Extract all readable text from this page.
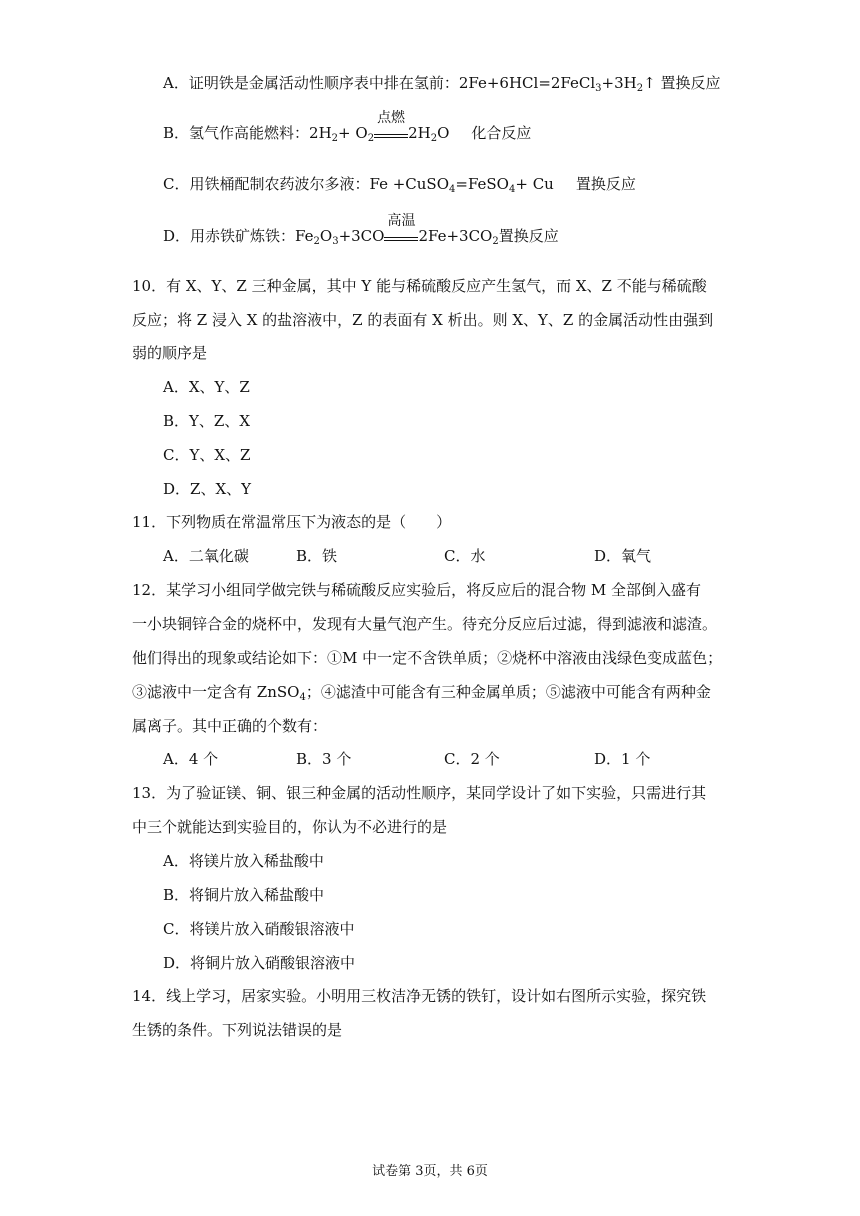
A．证明铁是金属活动性顺序表中排在氢前：$2Fe+6HCl=2FeCl_3+3H_2↑$ 置换反应
B．氢气作高能燃料：$2H_2+ O_2$
点燃
$2H_2O$ 化合反应
C．用铁桶配制农药波尔多液：Fe +CuSO$_4$=FeSO$_4$+ Cu 置换反应
D．用赤铁矿炼铁：$Fe_2O_3+3CO$
高温
$2Fe+3CO_2$置换反应
10．有 X、Y、Z 三种金属，其中 Y 能与稀硫酸反应产生氢气，而 X、Z 不能与稀硫酸
反应；将 Z 浸入 X 的盐溶液中，Z 的表面有 X 析出。则 X、Y、Z 的金属活动性由强到
弱的顺序是
A．X、Y、Z
B．Y、Z、X
C．Y、X、Z
D．Z、X、Y
11．下列物质在常温常压下为液态的是（　　）
A．二氧化碳	B．铁	C．水	D．氧气
12．某学习小组同学做完铁与稀硫酸反应实验后，将反应后的混合物 M 全部倒入盛有
一小块铜锌合金的烧杯中，发现有大量气泡产生。待充分反应后过滤，得到滤液和滤渣。
他们得出的现象或结论如下：①M 中一定不含铁单质；②烧杯中溶液由浅绿色变成蓝色；
③滤液中一定含有 ZnSO$_4$；④滤渣中可能含有三种金属单质；⑤滤液中可能含有两种金
属离子。其中正确的个数有：
A．4 个	B．3 个	C．2 个	D．1 个
13．为了验证镁、铜、银三种金属的活动性顺序，某同学设计了如下实验，只需进行其
中三个就能达到实验目的，你认为不必进行的是
A．将镁片放入稀盐酸中
B．将铜片放入稀盐酸中
C．将镁片放入硝酸银溶液中
D．将铜片放入硝酸银溶液中
14．线上学习，居家实验。小明用三枚洁净无锈的铁钉，设计如右图所示实验，探究铁
生锈的条件。下列说法错误的是
试卷第 3页，共 6页
